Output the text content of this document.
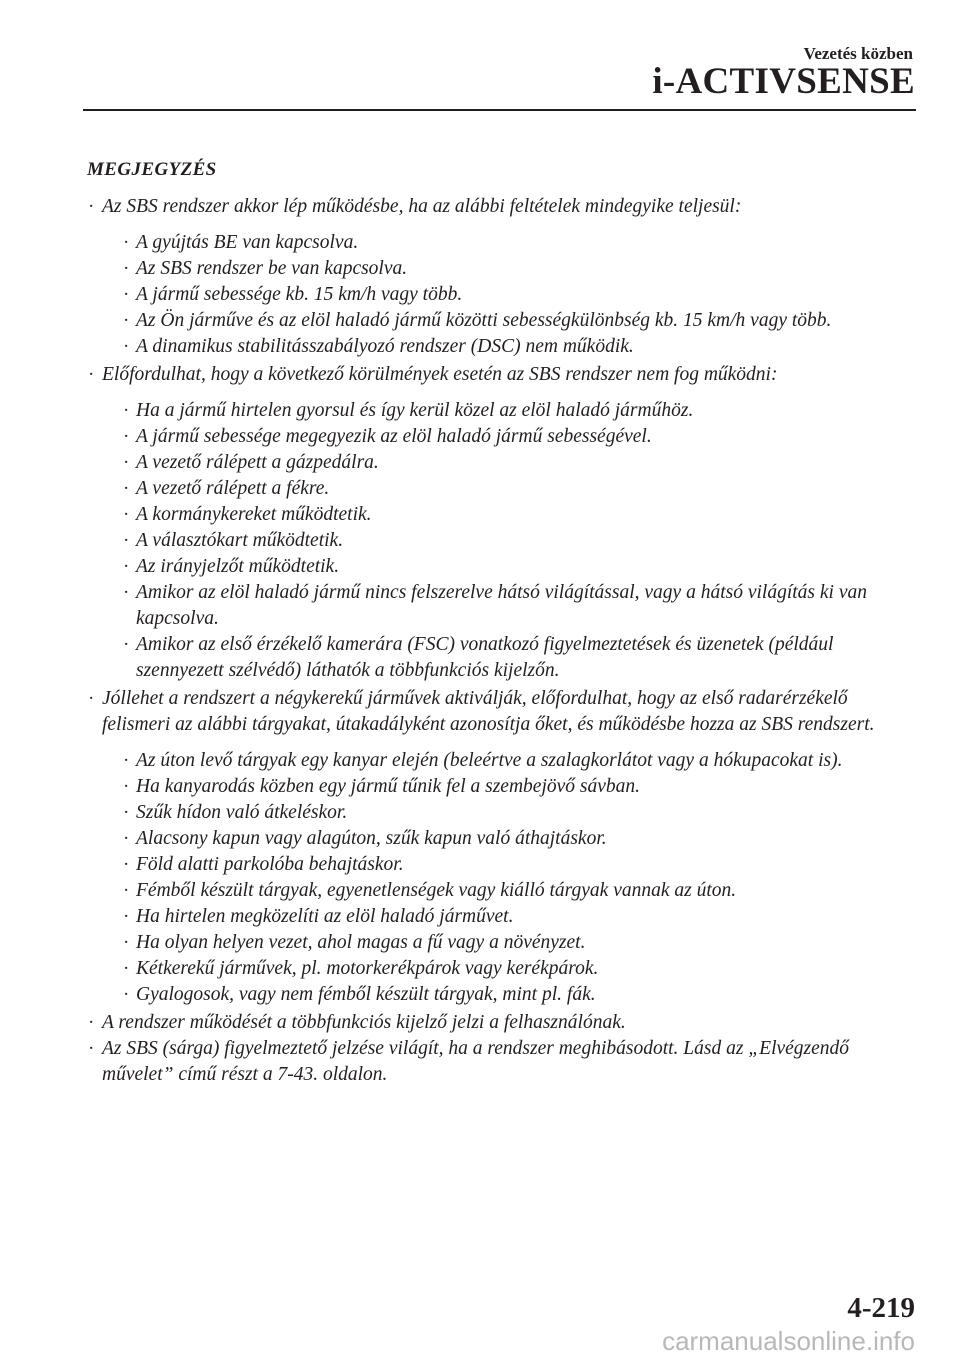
Vezetés közben

i-ACTIVSENSE

MEGJEGYZÉS

· Az SBS rendszer akkor lép működésbe, ha az alábbi feltételek mindegyike teljesül:
· A gyújtás BE van kapcsolva.
· Az SBS rendszer be van kapcsolva.
· A jármű sebessége kb. 15 km/h vagy több.
· Az Ön járműve és az elöl haladó jármű közötti sebességkülönbség kb. 15 km/h vagy több.
· A dinamikus stabilitásszabályozó rendszer (DSC) nem működik.
· Előfordulhat, hogy a következő körülmények esetén az SBS rendszer nem fog működni:
· Ha a jármű hirtelen gyorsul és így kerül közel az elöl haladó járműhöz.
· A jármű sebessége megegyezik az elöl haladó jármű sebességével.
· A vezető rálépett a gázpedálra.
· A vezető rálépett a fékre.
· A kormánykereket működtetik.
· A választókart működtetik.
· Az irányjelzőt működtetik.
· Amikor az elöl haladó jármű nincs felszerelve hátsó világítással, vagy a hátsó világítás ki van kapcsolva.
· Amikor az első érzékelő kamerára (FSC) vonatkozó figyelmeztetések és üzenetek (például szennyezett szélvédő) láthatók a többfunkciós kijelzőn.
· Jóllehet a rendszert a négykerekű járművek aktiválják, előfordulhat, hogy az első radarérzékelő felismeri az alábbi tárgyakat, útakadályként azonosítja őket, és működésbe hozza az SBS rendszert.
· Az úton levő tárgyak egy kanyar elején (beleértve a szalagkorlátot vagy a hókupacokat is).
· Ha kanyarodás közben egy jármű tűnik fel a szembejövő sávban.
· Szűk hídon való átkeléskor.
· Alacsony kapun vagy alagúton, szűk kapun való áthajtáskor.
· Föld alatti parkolóba behajtáskor.
· Fémből készült tárgyak, egyenetlenségek vagy kiálló tárgyak vannak az úton.
· Ha hirtelen megközelíti az elöl haladó járművet.
· Ha olyan helyen vezet, ahol magas a fű vagy a növényzet.
· Kétkerekű járművek, pl. motorkerékpárok vagy kerékpárok.
· Gyalogosok, vagy nem fémből készült tárgyak, mint pl. fák.
· A rendszer működését a többfunkciós kijelző jelzi a felhasználónak.
· Az SBS (sárga) figyelmeztető jelzése világít, ha a rendszer meghibásodott. Lásd az „Elvégzendő művelet” című részt a 7-43. oldalon.

4-219

carmanualsonline.info
